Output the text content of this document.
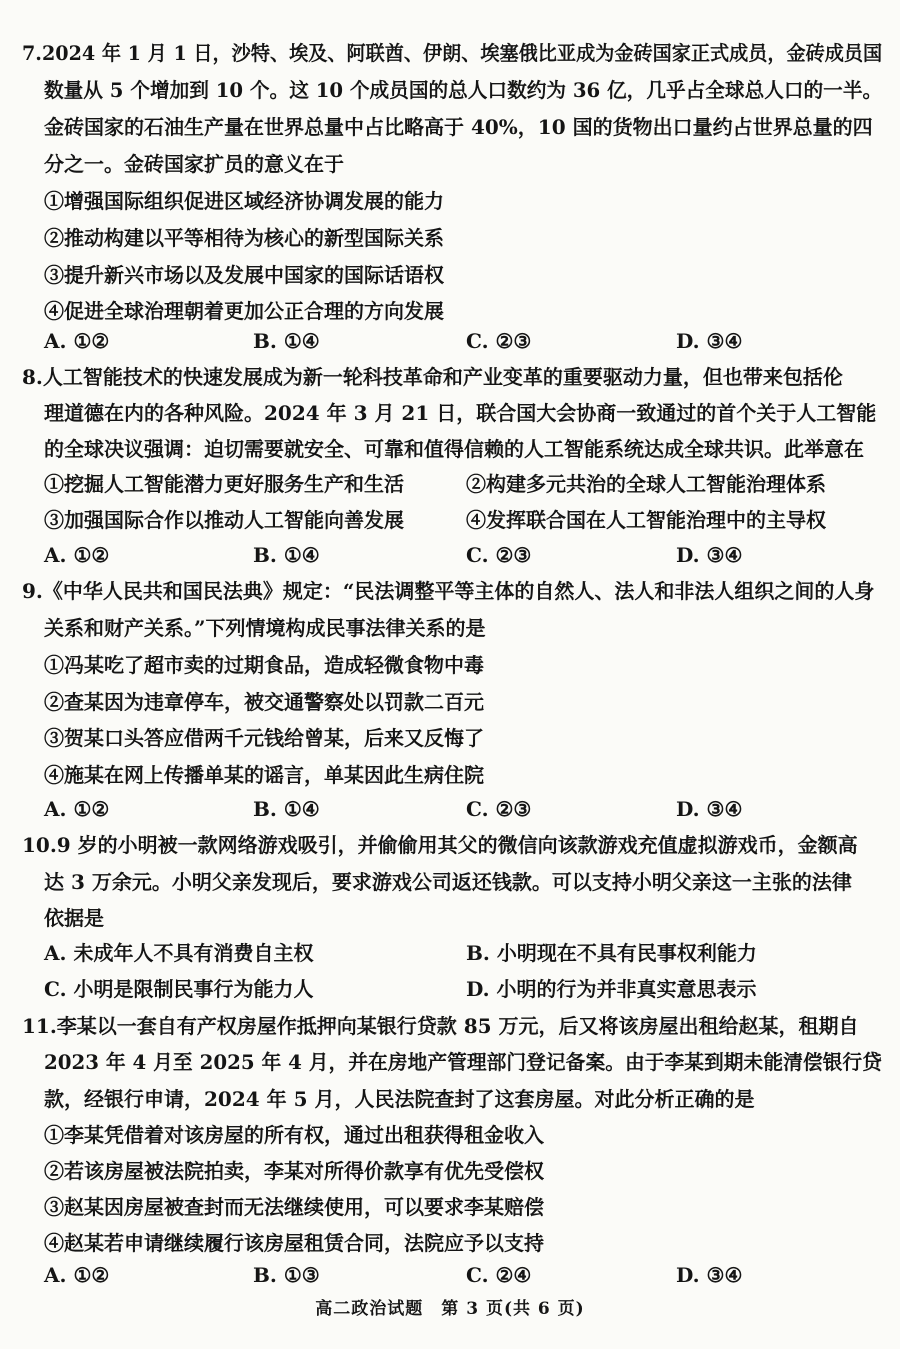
7.2024 年 1 月 1 日，沙特、埃及、阿联酋、伊朗、埃塞俄比亚成为金砖国家正式成员，金砖成员国
数量从 5 个增加到 10 个。这 10 个成员国的总人口数约为 36 亿，几乎占全球总人口的一半。
金砖国家的石油生产量在世界总量中占比略高于 40%，10 国的货物出口量约占世界总量的四
分之一。金砖国家扩员的意义在于
①增强国际组织促进区域经济协调发展的能力
②推动构建以平等相待为核心的新型国际关系
③提升新兴市场以及发展中国家的国际话语权
④促进全球治理朝着更加公正合理的方向发展
A. ①②	B. ①④	C. ②③	D. ③④
8.人工智能技术的快速发展成为新一轮科技革命和产业变革的重要驱动力量，但也带来包括伦
理道德在内的各种风险。2024 年 3 月 21 日，联合国大会协商一致通过的首个关于人工智能
的全球决议强调：迫切需要就安全、可靠和值得信赖的人工智能系统达成全球共识。此举意在
①挖掘人工智能潜力更好服务生产和生活	②构建多元共治的全球人工智能治理体系
③加强国际合作以推动人工智能向善发展	④发挥联合国在人工智能治理中的主导权
A. ①②	B. ①④	C. ②③	D. ③④
9.《中华人民共和国民法典》规定：“民法调整平等主体的自然人、法人和非法人组织之间的人身
关系和财产关系。”下列情境构成民事法律关系的是
①冯某吃了超市卖的过期食品，造成轻微食物中毒
②查某因为违章停车，被交通警察处以罚款二百元
③贺某口头答应借两千元钱给曾某，后来又反悔了
④施某在网上传播单某的谣言，单某因此生病住院
A. ①②	B. ①④	C. ②③	D. ③④
10.9 岁的小明被一款网络游戏吸引，并偷偷用其父的微信向该款游戏充值虚拟游戏币，金额高
达 3 万余元。小明父亲发现后，要求游戏公司返还钱款。可以支持小明父亲这一主张的法律
依据是
A. 未成年人不具有消费自主权	B. 小明现在不具有民事权利能力
C. 小明是限制民事行为能力人	D. 小明的行为并非真实意思表示
11.李某以一套自有产权房屋作抵押向某银行贷款 85 万元，后又将该房屋出租给赵某，租期自
2023 年 4 月至 2025 年 4 月，并在房地产管理部门登记备案。由于李某到期未能清偿银行贷
款，经银行申请，2024 年 5 月，人民法院查封了这套房屋。对此分析正确的是
①李某凭借着对该房屋的所有权，通过出租获得租金收入
②若该房屋被法院拍卖，李某对所得价款享有优先受偿权
③赵某因房屋被查封而无法继续使用，可以要求李某赔偿
④赵某若申请继续履行该房屋租赁合同，法院应予以支持
A. ①②	B. ①③	C. ②④	D. ③④
高二政治试题　第 3 页(共 6 页)
